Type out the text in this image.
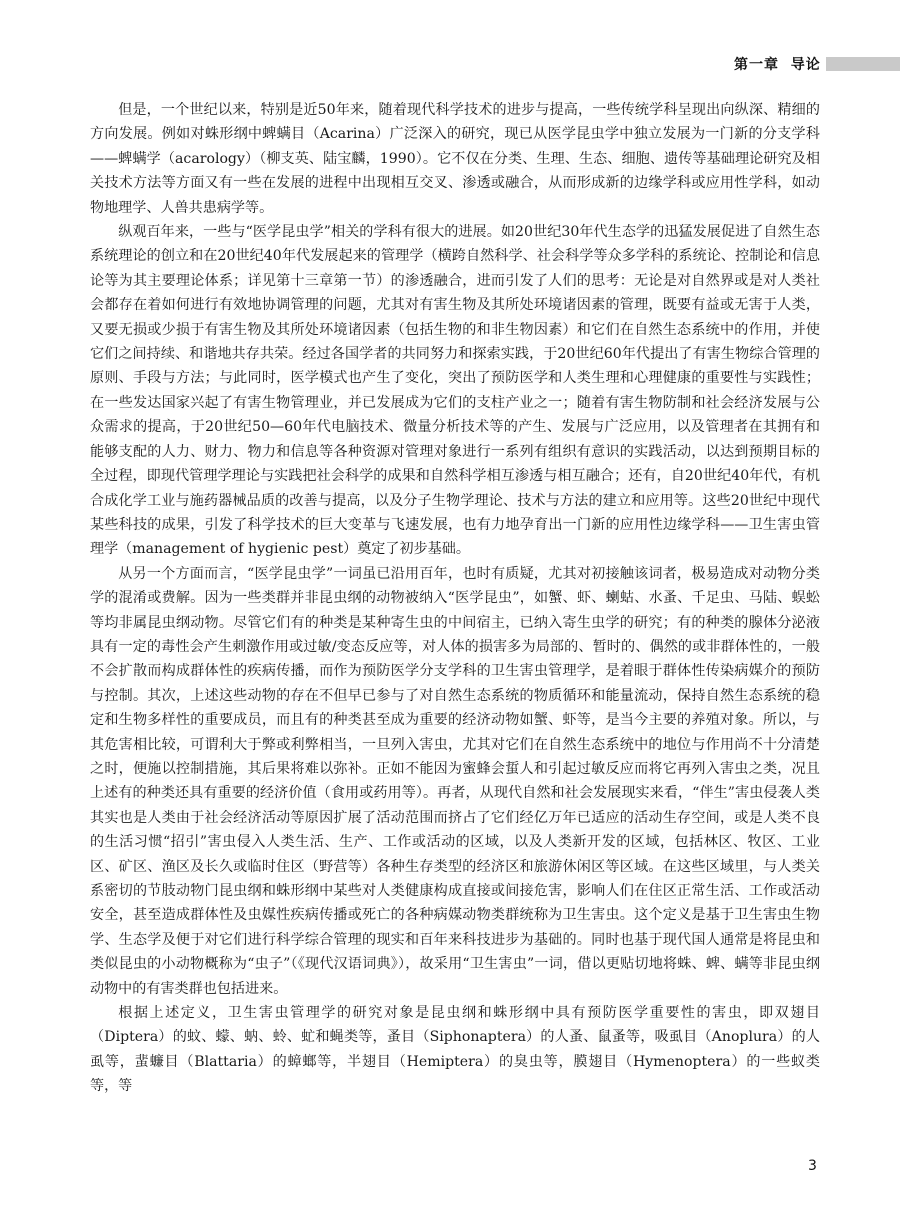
第一章 导论

但是，一个世纪以来，特别是近50年来，随着现代科学技术的进步与提高，一些传统学科呈现出向纵深、精细的方向发展。例如对蛛形纲中蜱螨目（Acarina）广泛深入的研究，现已从医学昆虫学中独立发展为一门新的分支学科——蜱螨学（acarology）（柳支英、陆宝麟，1990）。它不仅在分类、生理、生态、细胞、遗传等基础理论研究及相关技术方法等方面又有一些在发展的进程中出现相互交叉、渗透或融合，从而形成新的边缘学科或应用性学科，如动物地理学、人兽共患病学等。

纵观百年来，一些与“医学昆虫学”相关的学科有很大的进展。如20世纪30年代生态学的迅猛发展促进了自然生态系统理论的创立和在20世纪40年代发展起来的管理学（横跨自然科学、社会科学等众多学科的系统论、控制论和信息论等为其主要理论体系；详见第十三章第一节）的渗透融合，进而引发了人们的思考：无论是对自然界或是对人类社会都存在着如何进行有效地协调管理的问题，尤其对有害生物及其所处环境诸因素的管理，既要有益或无害于人类，又要无损或少损于有害生物及其所处环境诸因素（包括生物的和非生物因素）和它们在自然生态系统中的作用，并使它们之间持续、和谐地共存共荣。经过各国学者的共同努力和探索实践，于20世纪60年代提出了有害生物综合管理的原则、手段与方法；与此同时，医学模式也产生了变化，突出了预防医学和人类生理和心理健康的重要性与实践性；在一些发达国家兴起了有害生物管理业，并已发展成为它们的支柱产业之一；随着有害生物防制和社会经济发展与公众需求的提高，于20世纪50—60年代电脑技术、微量分析技术等的产生、发展与广泛应用，以及管理者在其拥有和能够支配的人力、财力、物力和信息等各种资源对管理对象进行一系列有组织有意识的实践活动，以达到预期目标的全过程，即现代管理学理论与实践把社会科学的成果和自然科学相互渗透与相互融合；还有，自20世纪40年代，有机合成化学工业与施药器械品质的改善与提高，以及分子生物学理论、技术与方法的建立和应用等。这些20世纪中现代某些科技的成果，引发了科学技术的巨大变革与飞速发展，也有力地孕育出一门新的应用性边缘学科——卫生害虫管理学（management of hygienic pest）奠定了初步基础。

从另一个方面而言，“医学昆虫学”一词虽已沿用百年，也时有质疑，尤其对初接触该词者，极易造成对动物分类学的混淆或费解。因为一些类群并非昆虫纲的动物被纳入“医学昆虫”，如蟹、虾、蝲蛄、水蚤、千足虫、马陆、蜈蚣等均非属昆虫纲动物。尽管它们有的种类是某种寄生虫的中间宿主，已纳入寄生虫学的研究；有的种类的腺体分泌液具有一定的毒性会产生刺激作用或过敏/变态反应等，对人体的损害多为局部的、暂时的、偶然的或非群体性的，一般不会扩散而构成群体性的疾病传播，而作为预防医学分支学科的卫生害虫管理学，是着眼于群体性传染病媒介的预防与控制。其次，上述这些动物的存在不但早已参与了对自然生态系统的物质循环和能量流动，保持自然生态系统的稳定和生物多样性的重要成员，而且有的种类甚至成为重要的经济动物如蟹、虾等，是当今主要的养殖对象。所以，与其危害相比较，可谓利大于弊或利弊相当，一旦列入害虫，尤其对它们在自然生态系统中的地位与作用尚不十分清楚之时，便施以控制措施，其后果将难以弥补。正如不能因为蜜蜂会蜇人和引起过敏反应而将它再列入害虫之类，况且上述有的种类还具有重要的经济价值（食用或药用等）。再者，从现代自然和社会发展现实来看，“伴生”害虫侵袭人类其实也是人类由于社会经济活动等原因扩展了活动范围而挤占了它们经亿万年已适应的活动生存空间，或是人类不良的生活习惯“招引”害虫侵入人类生活、生产、工作或活动的区域，以及人类新开发的区域，包括林区、牧区、工业区、矿区、渔区及长久或临时住区（野营等）各种生存类型的经济区和旅游休闲区等区域。在这些区域里，与人类关系密切的节肢动物门昆虫纲和蛛形纲中某些对人类健康构成直接或间接危害，影响人们在住区正常生活、工作或活动安全，甚至造成群体性及虫媒性疾病传播或死亡的各种病媒动物类群统称为卫生害虫。这个定义是基于卫生害虫生物学、生态学及便于对它们进行科学综合管理的现实和百年来科技进步为基础的。同时也基于现代国人通常是将昆虫和类似昆虫的小动物概称为“虫子”（《现代汉语词典》），故采用“卫生害虫”一词，借以更贴切地将蛛、蜱、螨等非昆虫纲动物中的有害类群也包括进来。

根据上述定义，卫生害虫管理学的研究对象是昆虫纲和蛛形纲中具有预防医学重要性的害虫，即双翅目（Diptera）的蚊、蠓、蚋、蛉、虻和蝇类等，蚤目（Siphonaptera）的人蚤、鼠蚤等，吸虱目（Anoplura）的人虱等，蜚蠊目（Blattaria）的蟑螂等，半翅目（Hemiptera）的臭虫等，膜翅目（Hymenoptera）的一些蚁类等，等

3
